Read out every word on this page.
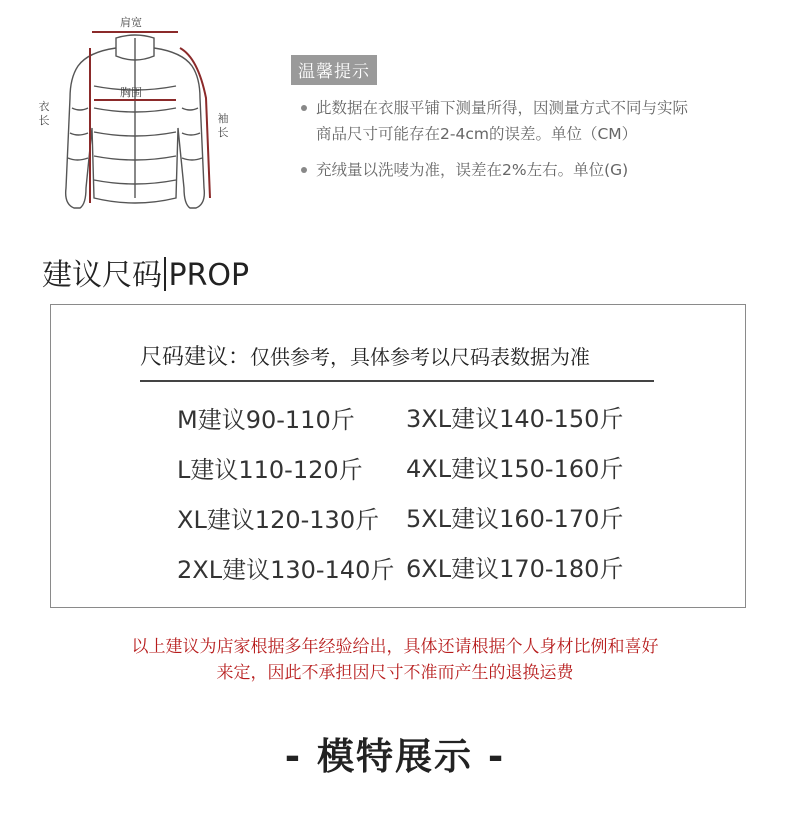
肩宽
胸围
衣长	袖长
温馨提示
此数据在衣服平铺下测量所得，因测量方式不同与实际
商品尺寸可能存在2-4cm的误差。单位（CM）
充绒量以洗唛为准，误差在2%左右。单位(G)
建议尺码 PROP
尺码建议：仅供参考，具体参考以尺码表数据为准
M建议90-110斤
L建议110-120斤
XL建议120-130斤
2XL建议130-140斤
3XL建议140-150斤
4XL建议150-160斤
5XL建议160-170斤
6XL建议170-180斤
以上建议为店家根据多年经验给出，具体还请根据个人身材比例和喜好
来定，因此不承担因尺寸不准而产生的退换运费
- 模特展示 -
